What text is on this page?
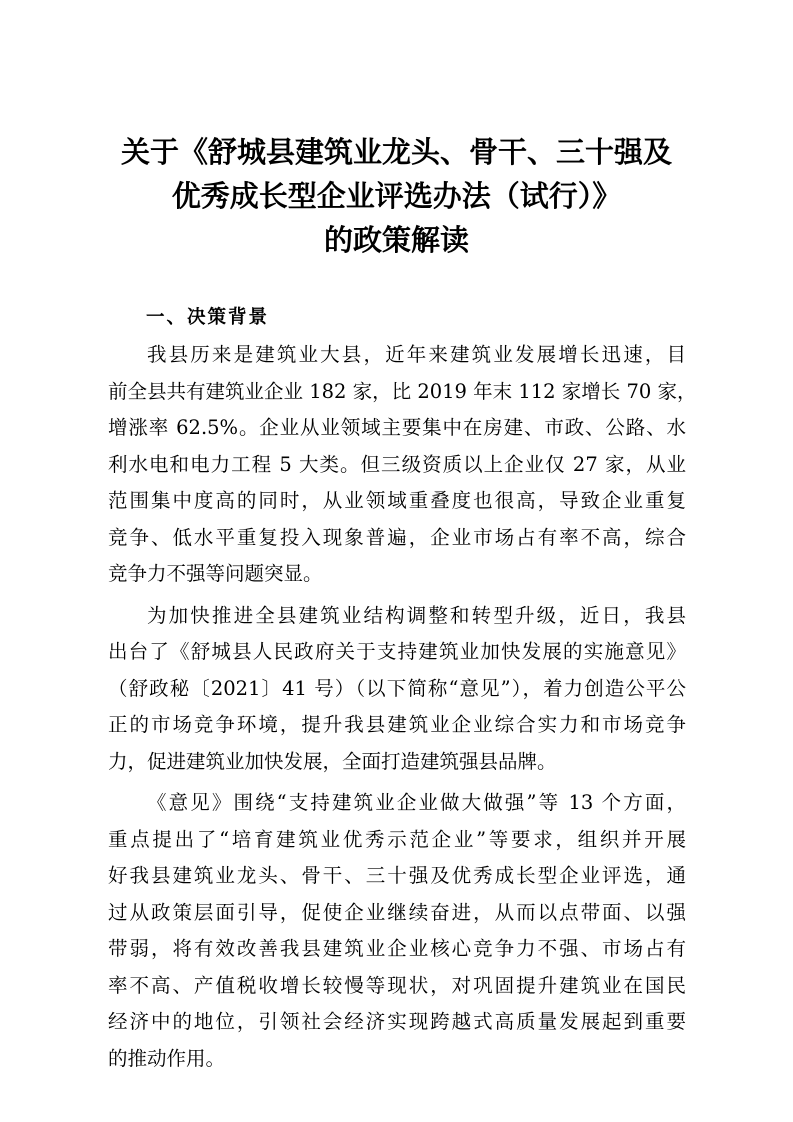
关于《舒城县建筑业龙头、骨干、三十强及
优秀成长型企业评选办法（试行）》
的政策解读
一、决策背景
我县历来是建筑业大县，近年来建筑业发展增长迅速，目
前全县共有建筑业企业 182 家，比 2019 年末 112 家增长 70 家，
增涨率 62.5%。企业从业领域主要集中在房建、市政、公路、水
利水电和电力工程 5 大类。但三级资质以上企业仅 27 家，从业
范围集中度高的同时，从业领域重叠度也很高，导致企业重复
竞争、低水平重复投入现象普遍，企业市场占有率不高，综合
竞争力不强等问题突显。
为加快推进全县建筑业结构调整和转型升级，近日，我县
出台了《舒城县人民政府关于支持建筑业加快发展的实施意见》
（舒政秘〔2021〕41 号）（以下简称“意见”），着力创造公平公
正的市场竞争环境，提升我县建筑业企业综合实力和市场竞争
力，促进建筑业加快发展，全面打造建筑强县品牌。
《意见》围绕“支持建筑业企业做大做强”等 13 个方面，
重点提出了“培育建筑业优秀示范企业”等要求，组织并开展
好我县建筑业龙头、骨干、三十强及优秀成长型企业评选，通
过从政策层面引导，促使企业继续奋进，从而以点带面、以强
带弱，将有效改善我县建筑业企业核心竞争力不强、市场占有
率不高、产值税收增长较慢等现状，对巩固提升建筑业在国民
经济中的地位，引领社会经济实现跨越式高质量发展起到重要
的推动作用。
